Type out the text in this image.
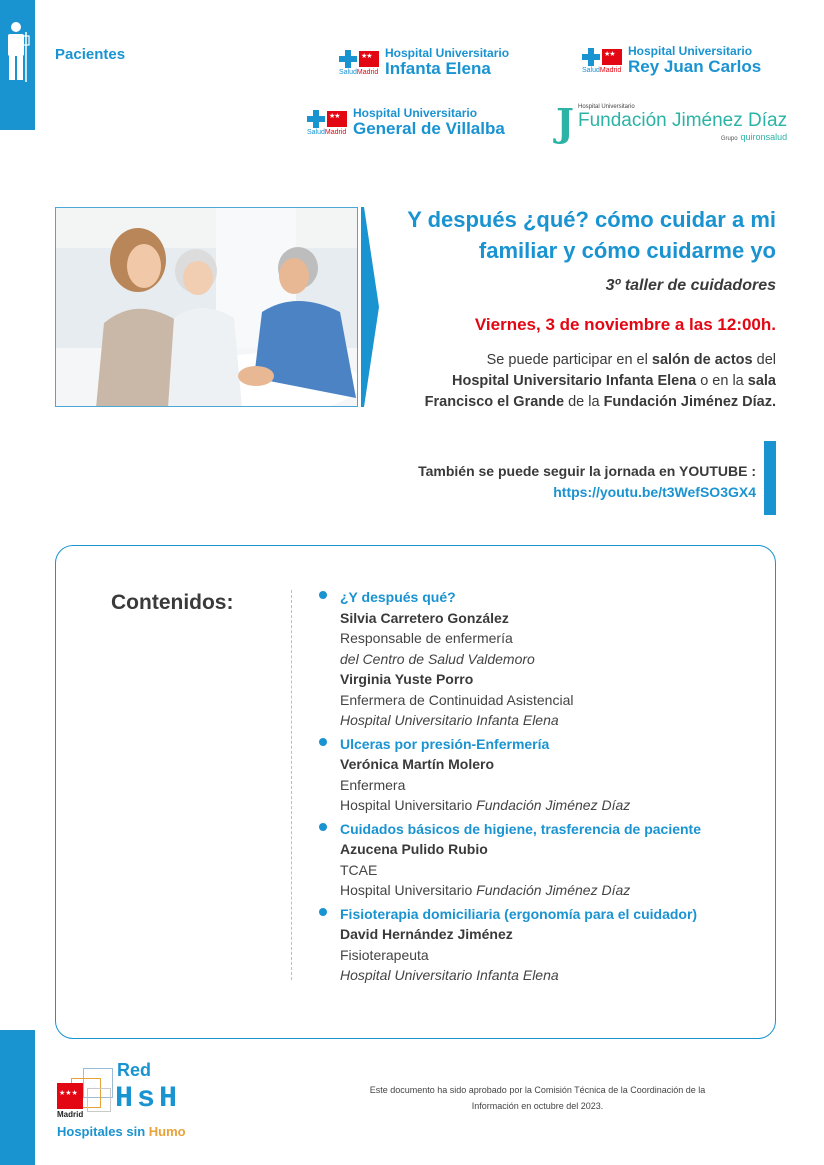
Pacientes
★★
SaludMadrid
Hospital Universitario
Infanta Elena
★★	SaludMadrid
Hospital Universitario
Rey Juan Carlos
★★
SaludMadrid
Hospital Universitario
General de Villalba J Hospital Universitario
Fundación Jiménez Díaz
Grupo quironsalud
Y después ¿qué? cómo cuidar a mi familiar y cómo cuidarme yo
3º taller de cuidadores
Viernes, 3 de noviembre a las 12:00h.
Se puede participar en el salón de actos del
Hospital Universitario Infanta Elena o en la sala
Francisco el Grande de la Fundación Jiménez Díaz.
También se puede seguir la jornada en YOUTUBE :
https://youtu.be/t3WefSO3GX4
Contenidos:	¿Y después qué?
Silvia Carretero González
Responsable de enfermería
del Centro de Salud Valdemoro
Virginia Yuste Porro
Enfermera de Continuidad Asistencial
Hospital Universitario Infanta Elena
Ulceras por presión-Enfermería
Verónica Martín Molero
Enfermera
Hospital Universitario Fundación Jiménez Díaz
Cuidados básicos de higiene, trasferencia de paciente
Azucena Pulido Rubio
TCAE
Hospital Universitario Fundación Jiménez Díaz
Fisioterapia domiciliaria (ergonomía para el cuidador)
David Hernández Jiménez
Fisioterapeuta
Hospital Universitario Infanta Elena
★★★
Madrid
Red
HsH
Hospitales sin Humo
Este documento ha sido aprobado por la Comisión Técnica de la Coordinación de la Información en octubre del 2023.
